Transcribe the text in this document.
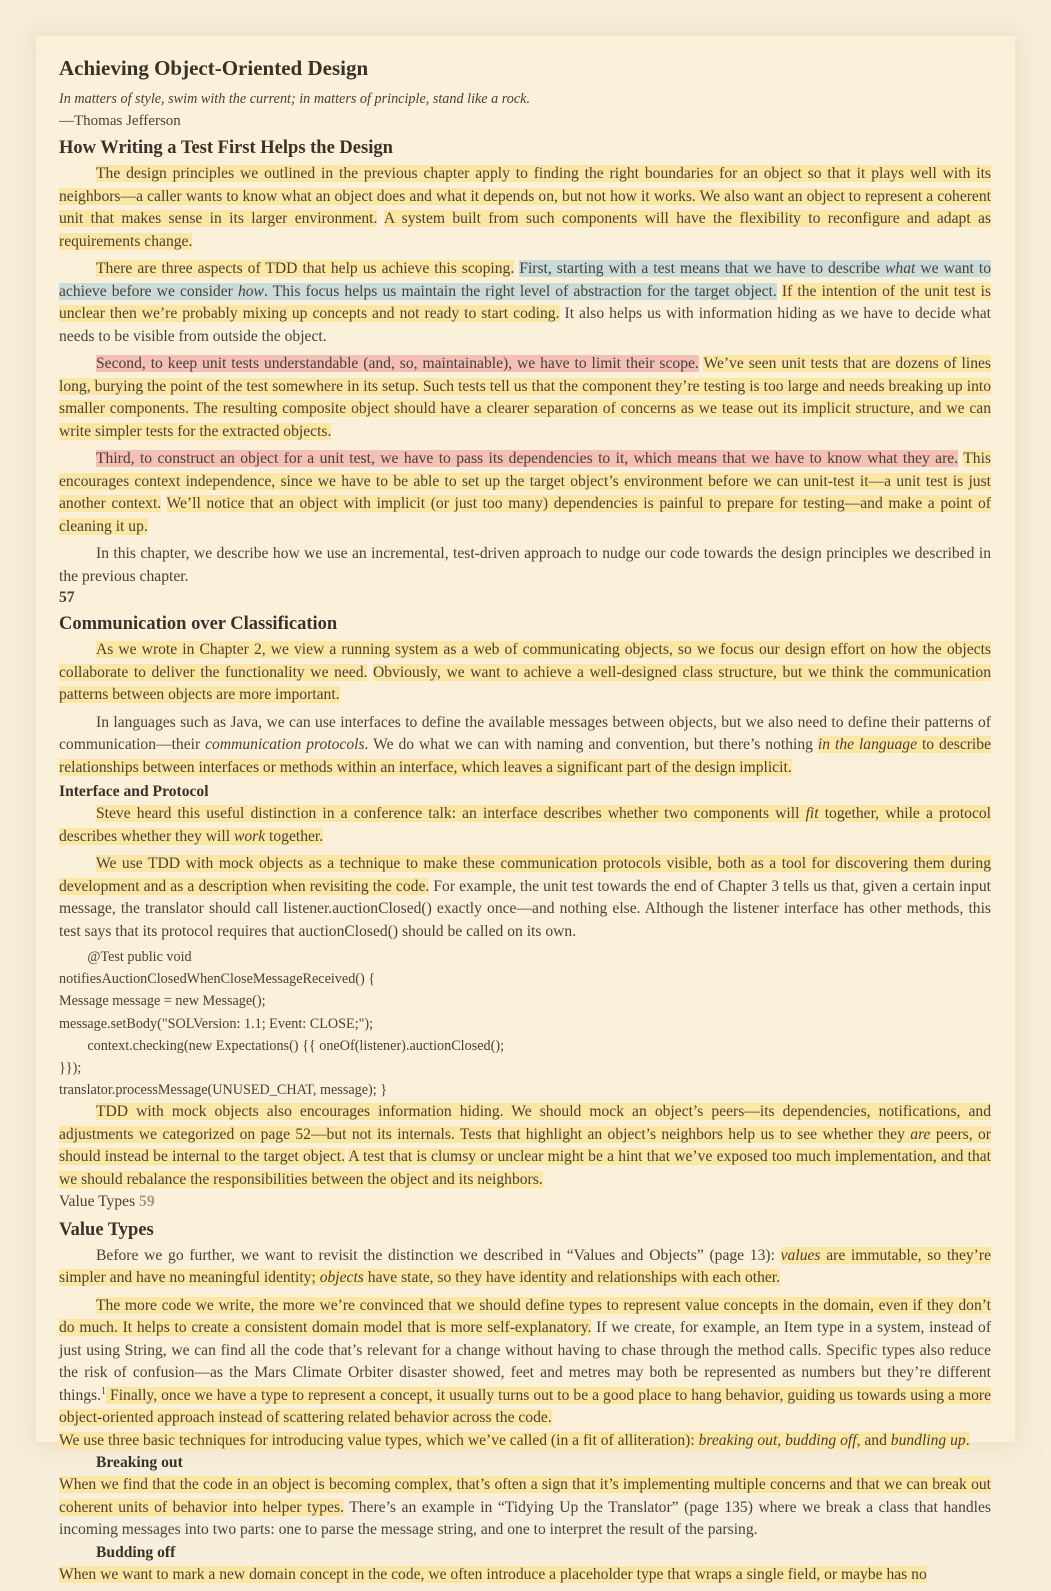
Achieving Object-Oriented Design

In matters of style, swim with the current; in matters of principle, stand like a rock.

—Thomas Jefferson

How Writing a Test First Helps the Design

The design principles we outlined in the previous chapter apply to finding the right boundaries for an object so that it plays well with its neighbors—a caller wants to know what an object does and what it depends on, but not how it works. We also want an object to represent a coherent unit that makes sense in its larger environment. A system built from such components will have the flexibility to reconfigure and adapt as requirements change.

There are three aspects of TDD that help us achieve this scoping. First, starting with a test means that we have to describe what we want to achieve before we consider how. This focus helps us maintain the right level of abstraction for the target object. If the intention of the unit test is unclear then we’re probably mixing up concepts and not ready to start coding. It also helps us with information hiding as we have to decide what needs to be visible from outside the object.

Second, to keep unit tests understandable (and, so, maintainable), we have to limit their scope. We’ve seen unit tests that are dozens of lines long, burying the point of the test somewhere in its setup. Such tests tell us that the component they’re testing is too large and needs breaking up into smaller components. The resulting composite object should have a clearer separation of concerns as we tease out its implicit structure, and we can write simpler tests for the extracted objects.

Third, to construct an object for a unit test, we have to pass its dependencies to it, which means that we have to know what they are. This encourages context independence, since we have to be able to set up the target object’s environment before we can unit-test it—a unit test is just another context. We’ll notice that an object with implicit (or just too many) dependencies is painful to prepare for testing—and make a point of cleaning it up.

In this chapter, we describe how we use an incremental, test-driven approach to nudge our code towards the design principles we described in the previous chapter.

57
Communication over Classification

As we wrote in Chapter 2, we view a running system as a web of communicating objects, so we focus our design effort on how the objects collaborate to deliver the functionality we need. Obviously, we want to achieve a well-designed class structure, but we think the communication patterns between objects are more important.

In languages such as Java, we can use interfaces to define the available messages between objects, but we also need to define their patterns of communication—their communication protocols. We do what we can with naming and convention, but there’s nothing in the language to describe relationships between interfaces or methods within an interface, which leaves a significant part of the design implicit.

Interface and Protocol

Steve heard this useful distinction in a conference talk: an interface describes whether two components will fit together, while a protocol describes whether they will work together.

We use TDD with mock objects as a technique to make these communication protocols visible, both as a tool for discovering them during development and as a description when revisiting the code. For example, the unit test towards the end of Chapter 3 tells us that, given a certain input message, the translator should call listener.auctionClosed() exactly once—and nothing else. Although the listener interface has other methods, this test says that its protocol requires that auctionClosed() should be called on its own.

@Test public void
notifiesAuctionClosedWhenCloseMessageReceived() {
Message message = new Message();
message.setBody("SOLVersion: 1.1; Event: CLOSE;");
context.checking(new Expectations() {{ oneOf(listener).auctionClosed();
}});
translator.processMessage(UNUSED_CHAT, message); }

TDD with mock objects also encourages information hiding. We should mock an object’s peers—its dependencies, notifications, and adjustments we categorized on page 52—but not its internals. Tests that highlight an object’s neighbors help us to see whether they are peers, or should instead be internal to the target object. A test that is clumsy or unclear might be a hint that we’ve exposed too much implementation, and that we should rebalance the responsibilities between the object and its neighbors.

Value Types 59
Value Types

Before we go further, we want to revisit the distinction we described in “Values and Objects” (page 13): values are immutable, so they’re simpler and have no meaningful identity; objects have state, so they have identity and relationships with each other.

The more code we write, the more we’re convinced that we should define types to represent value concepts in the domain, even if they don’t do much. It helps to create a consistent domain model that is more self-explanatory. If we create, for example, an Item type in a system, instead of just using String, we can find all the code that’s relevant for a change without having to chase through the method calls. Specific types also reduce the risk of confusion—as the Mars Climate Orbiter disaster showed, feet and metres may both be represented as numbers but they’re different things.$^1$ Finally, once we have a type to represent a concept, it usually turns out to be a good place to hang behavior, guiding us towards using a more object-oriented approach instead of scattering related behavior across the code.

We use three basic techniques for introducing value types, which we’ve called (in a fit of alliteration): breaking out, budding off, and bundling up.

Breaking out

When we find that the code in an object is becoming complex, that’s often a sign that it’s implementing multiple concerns and that we can break out coherent units of behavior into helper types. There’s an example in “Tidying Up the Translator” (page 135) where we break a class that handles incoming messages into two parts: one to parse the message string, and one to interpret the result of the parsing.

Budding off

When we want to mark a new domain concept in the code, we often introduce a placeholder type that wraps a single field, or maybe has no
